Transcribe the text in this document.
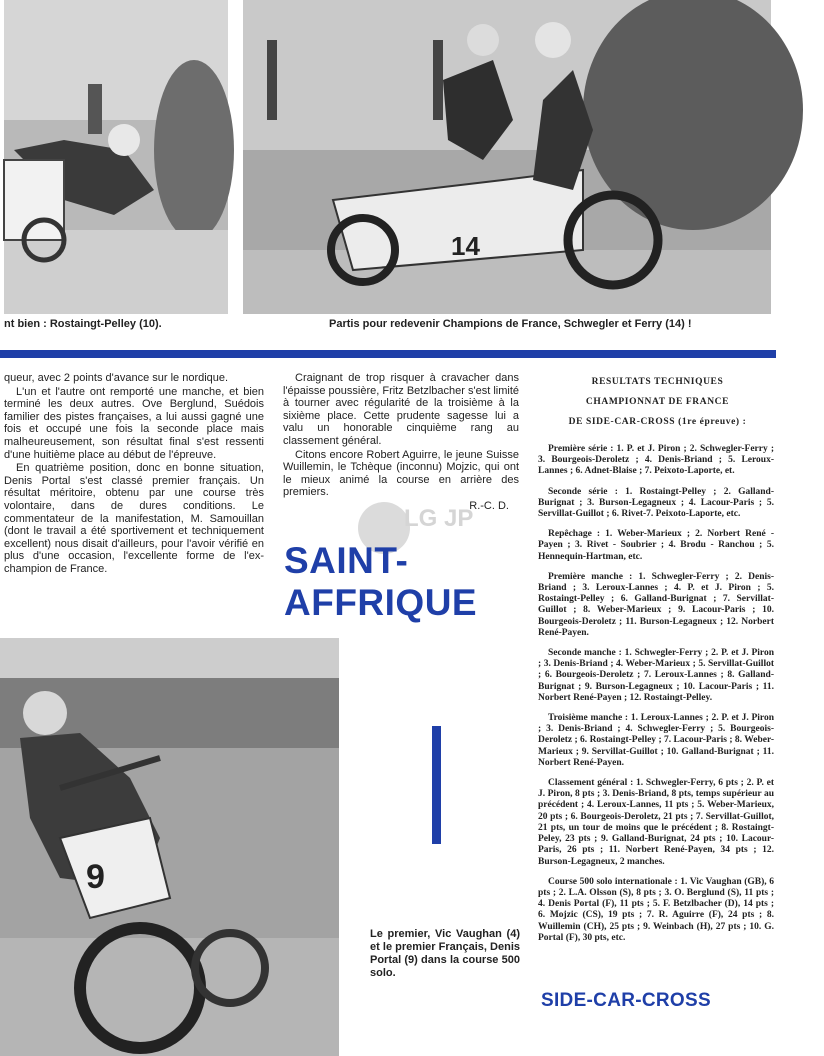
14
nt bien : Rostaingt-Pelley (10).	Partis pour redevenir Champions de France, Schwegler et Ferry (14) !

queur, avec 2 points d'avance sur le nordique.

L'un et l'autre ont remporté une manche, et bien terminé les deux autres. Ove Berglund, Suédois familier des pistes françaises, a lui aussi gagné une fois et occupé une fois la seconde place mais malheureusement, son résultat final s'est ressenti d'une huitième place au début de l'épreuve.

En quatrième position, donc en bonne situation, Denis Portal s'est classé premier français. Un résultat méritoire, obtenu par une course très volontaire, dans de dures conditions. Le commentateur de la manifestation, M. Samouillan (dont le travail a été sportivement et techniquement excellent) nous disait d'ailleurs, pour l'avoir vérifié en plus d'une occasion, l'excellente forme de l'ex-champion de France.

Craignant de trop risquer à cravacher dans l'épaisse poussière, Fritz Betzlbacher s'est limité à tourner avec régularité de la troisième à la sixième place. Cette prudente sagesse lui a valu un honorable cinquième rang au classement général.

Citons encore Robert Aguirre, le jeune Suisse Wuillemin, le Tchèque (inconnu) Mojzic, qui ont le mieux animé la course en arrière des premiers.

R.-C. D.

LG JP
SAINT-
AFFRIQUE
9
Le premier, Vic Vaughan (4) et le premier Français, Denis Portal (9) dans la course 500 solo.
RESULTATS TECHNIQUES
CHAMPIONNAT DE FRANCE
DE SIDE-CAR-CROSS (1re épreuve) :

Première série : 1. P. et J. Piron ; 2. Schwegler-Ferry ; 3. Bourgeois-Deroletz ; 4. Denis-Briand ; 5. Leroux-Lannes ; 6. Adnet-Blaise ; 7. Peixoto-Laporte, et.

Seconde série : 1. Rostaingt-Pelley ; 2. Galland-Burignat ; 3. Burson-Legagneux ; 4. Lacour-Paris ; 5. Servillat-Guillot ; 6. Rivet-7. Peixoto-Laporte, etc.

Repêchage : 1. Weber-Marieux ; 2. Norbert René - Payen ; 3. Rivet - Soubrier ; 4. Brodu - Ranchou ; 5. Hennequin-Hartman, etc.

Première manche : 1. Schwegler-Ferry ; 2. Denis-Briand ; 3. Leroux-Lannes ; 4. P. et J. Piron ; 5. Rostaingt-Pelley ; 6. Galland-Burignat ; 7. Servillat-Guillot ; 8. Weber-Marieux ; 9. Lacour-Paris ; 10. Bourgeois-Deroletz ; 11. Burson-Legagneux ; 12. Norbert René-Payen.

Seconde manche : 1. Schwegler-Ferry ; 2. P. et J. Piron ; 3. Denis-Briand ; 4. Weber-Marieux ; 5. Servillat-Guillot ; 6. Bourgeois-Deroletz ; 7. Leroux-Lannes ; 8. Galland-Burignat ; 9. Burson-Legagneux ; 10. Lacour-Paris ; 11. Norbert René-Payen ; 12. Rostaingt-Pelley.

Troisième manche : 1. Leroux-Lannes ; 2. P. et J. Piron ; 3. Denis-Briand ; 4. Schwegler-Ferry ; 5. Bourgeois-Deroletz ; 6. Rostaingt-Pelley ; 7. Lacour-Paris ; 8. Weber-Marieux ; 9. Servillat-Guillot ; 10. Galland-Burignat ; 11. Norbert René-Payen.

Classement général : 1. Schwegler-Ferry, 6 pts ; 2. P. et J. Piron, 8 pts ; 3. Denis-Briand, 8 pts, temps supérieur au précédent ; 4. Leroux-Lannes, 11 pts ; 5. Weber-Marieux, 20 pts ; 6. Bourgeois-Deroletz, 21 pts ; 7. Servillat-Guillot, 21 pts, un tour de moins que le précédent ; 8. Rostaingt-Peley, 23 pts ; 9. Galland-Burignat, 24 pts ; 10. Lacour-Paris, 26 pts ; 11. Norbert René-Payen, 34 pts ; 12. Burson-Legagneux, 2 manches.

Course 500 solo internationale : 1. Vic Vaughan (GB), 6 pts ; 2. L.A. Olsson (S), 8 pts ; 3. O. Berglund (S), 11 pts ; 4. Denis Portal (F), 11 pts ; 5. F. Betzlbacher (D), 14 pts ; 6. Mojzic (CS), 19 pts ; 7. R. Aguirre (F), 24 pts ; 8. Wuillemin (CH), 25 pts ; 9. Weinbach (H), 27 pts ; 10. G. Portal (F), 30 pts, etc.

SIDE-CAR-CROSS
